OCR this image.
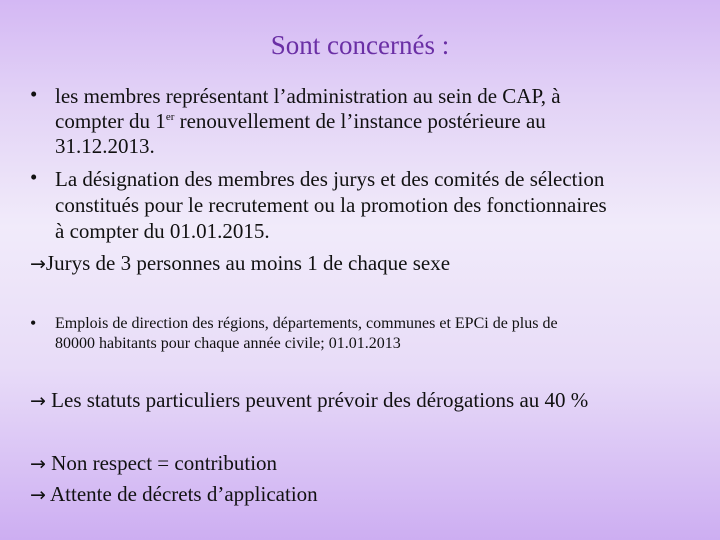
Sont concernés :
• les membres représentant l’administration au sein de CAP, à
compter du 1er renouvellement de l’instance postérieure au
31.12.2013.
• La désignation des membres des jurys et des comités de sélection
constitués pour le recrutement ou la promotion des fonctionnaires
à compter du 01.01.2015.
→Jurys de 3 personnes au moins 1 de chaque sexe
• Emplois de direction des régions, départements, communes et EPCi de plus de
80000 habitants pour chaque année civile; 01.01.2013
→ Les statuts particuliers peuvent prévoir des dérogations au 40 %
→ Non respect = contribution
→ Attente de décrets d’application
